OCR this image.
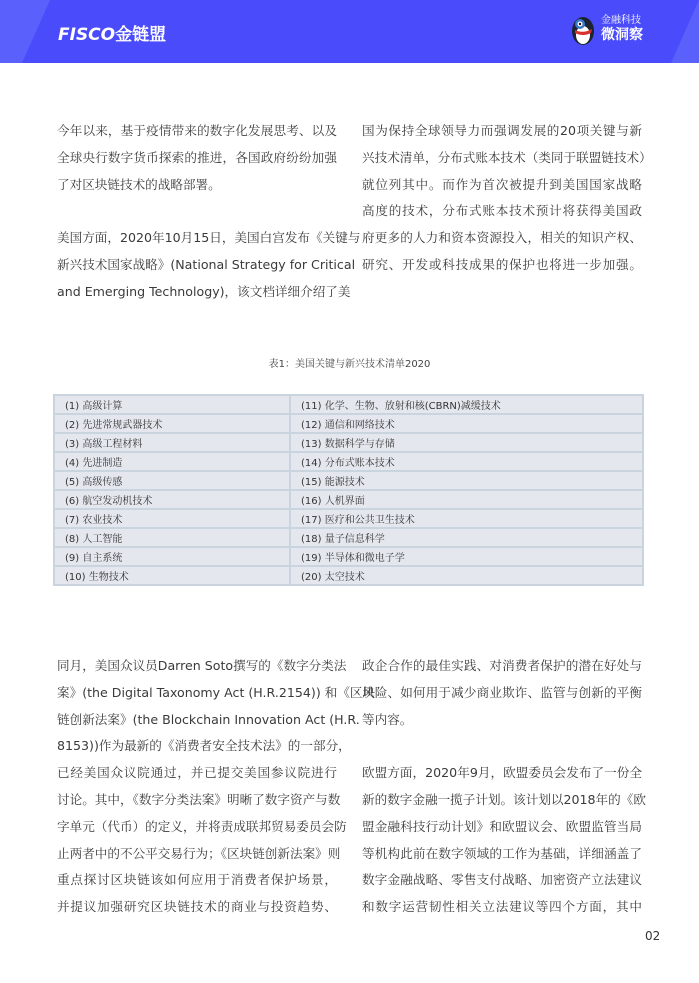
FISCO金链盟
金融科技
微洞察
今年以来，基于疫情带来的数字化发展思考、以及
全球央行数字货币探索的推进，各国政府纷纷加强
了对区块链技术的战略部署。
美国方面，2020年10月15日，美国白宫发布《关键与
新兴技术国家战略》(National Strategy for Critical
and Emerging Technology)，该文档详细介绍了美
国为保持全球领导力而强调发展的20项关键与新
兴技术清单，分布式账本技术（类同于联盟链技术）
就位列其中。而作为首次被提升到美国国家战略
高度的技术，分布式账本技术预计将获得美国政
府更多的人力和资本资源投入，相关的知识产权、
研究、开发或科技成果的保护也将进一步加强。
表1：美国关键与新兴技术清单2020
(1) 高级计算	(11) 化学、生物、放射和核(CBRN)减缓技术
(2) 先进常规武器技术	(12) 通信和网络技术
(3) 高级工程材料	(13) 数据科学与存储
(4) 先进制造	(14) 分布式账本技术
(5) 高级传感	(15) 能源技术
(6) 航空发动机技术	(16) 人机界面
(7) 农业技术	(17) 医疗和公共卫生技术
(8) 人工智能	(18) 量子信息科学
(9) 自主系统	(19) 半导体和微电子学
(10) 生物技术	(20) 太空技术
同月，美国众议员Darren Soto撰写的《数字分类法
案》(the Digital Taxonomy Act (H.R.2154)) 和《区块
链创新法案》(the Blockchain Innovation Act (H.R.
8153))作为最新的《消费者安全技术法》的一部分，
已经美国众议院通过，并已提交美国参议院进行
讨论。其中，《数字分类法案》明晰了数字资产与数
字单元（代币）的定义，并将责成联邦贸易委员会防
止两者中的不公平交易行为；《区块链创新法案》则
重点探讨区块链该如何应用于消费者保护场景，
并提议加强研究区块链技术的商业与投资趋势、
政企合作的最佳实践、对消费者保护的潜在好处与
风险、如何用于减少商业欺诈、监管与创新的平衡
等内容。
欧盟方面，2020年9月，欧盟委员会发布了一份全
新的数字金融一揽子计划。该计划以2018年的《欧
盟金融科技行动计划》和欧盟议会、欧盟监管当局
等机构此前在数字领域的工作为基础，详细涵盖了
数字金融战略、零售支付战略、加密资产立法建议
和数字运营韧性相关立法建议等四个方面，其中
02
